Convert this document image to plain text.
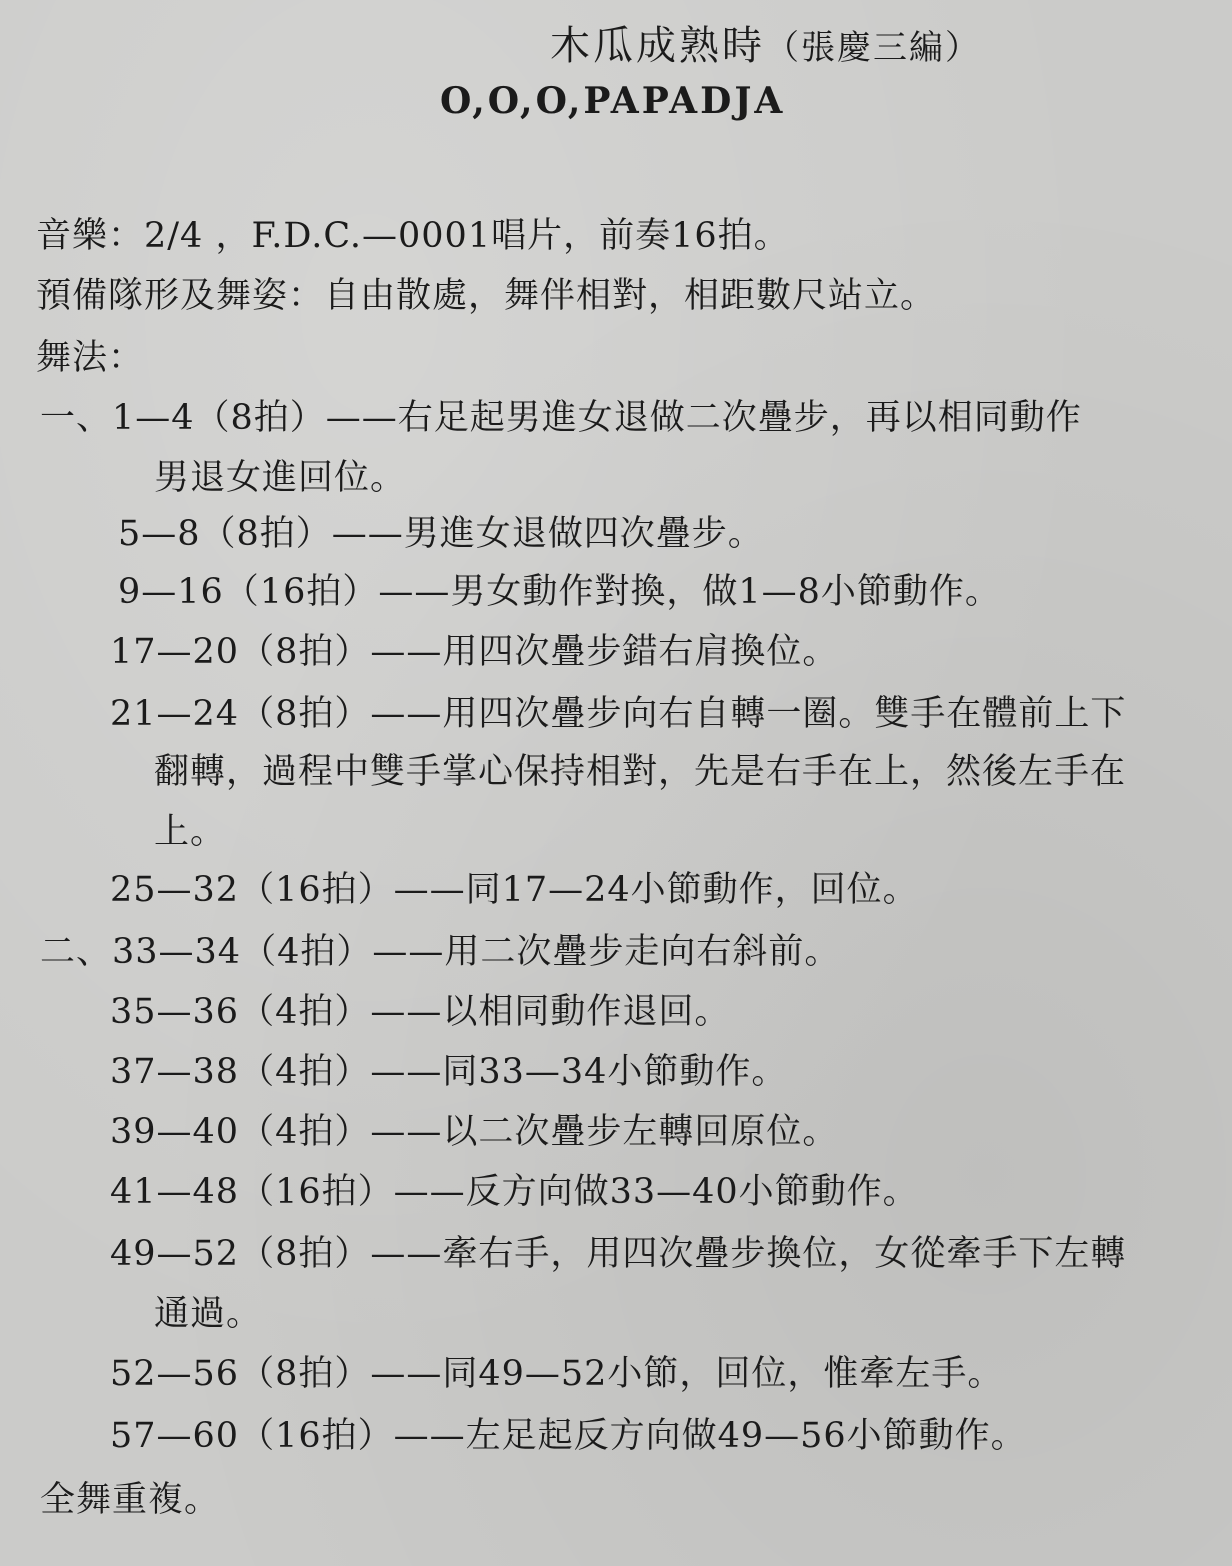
木瓜成熟時（張慶三編）
O,O,O,PAPADJA
音樂：2/4 ，F.D.C.—0001唱片，前奏16拍。
預備隊形及舞姿：自由散處，舞伴相對，相距數尺站立。
舞法：
一、1—4（8拍）——右足起男進女退做二次疊步，再以相同動作
男退女進回位。
5—8（8拍）——男進女退做四次疊步。
9—16（16拍）——男女動作對換，做1—8小節動作。
17—20（8拍）——用四次疊步錯右肩換位。
21—24（8拍）——用四次疊步向右自轉一圈。雙手在體前上下
翻轉，過程中雙手掌心保持相對，先是右手在上，然後左手在
上。
25—32（16拍）——同17—24小節動作，回位。
二、33—34（4拍）——用二次疊步走向右斜前。
35—36（4拍）——以相同動作退回。
37—38（4拍）——同33—34小節動作。
39—40（4拍）——以二次疊步左轉回原位。
41—48（16拍）——反方向做33—40小節動作。
49—52（8拍）——牽右手，用四次疊步換位，女從牽手下左轉
通過。
52—56（8拍）——同49—52小節，回位，惟牽左手。
57—60（16拍）——左足起反方向做49—56小節動作。
全舞重複。
